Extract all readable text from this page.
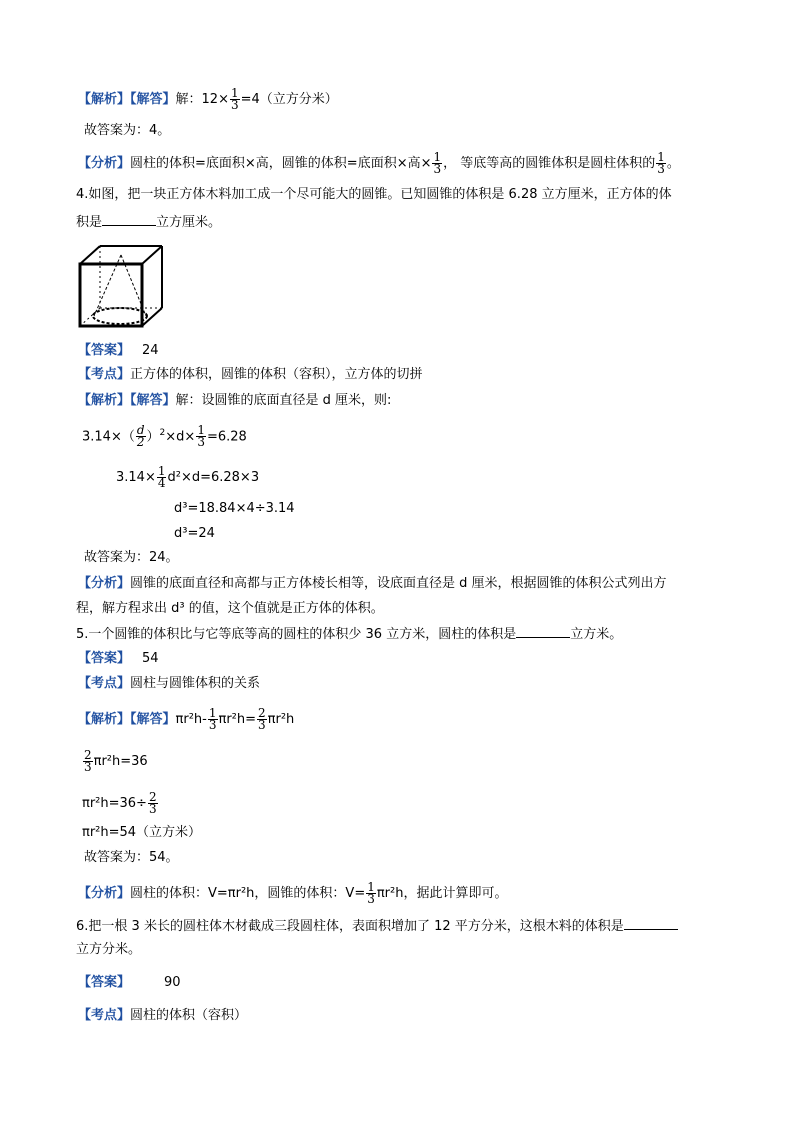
【解析】【解答】解：$12\times \frac{1}{3} =4$（立方分米）
故答案为：4。
【分析】圆柱的体积=底面积×高，圆锥的体积=底面积×高× $\frac{1}{3}$ ， 等底等高的圆锥体积是圆柱体积的 $\frac{1}{3}$ 。
4.如图，把一块正方体木料加工成一个尽可能大的圆锥。已知圆锥的体积是 6.28 立方厘米，正方体的体
积是	立方厘米。
【答案】 24
【考点】正方体的体积，圆锥的体积（容积），立方体的切拼
【解析】【解答】解：设圆锥的底面直径是 d 厘米，则:
$3.14\times( \frac{d}{2} )^2\times d\times \frac{1}{3} =6.28$
$3.14\times \frac{1}{4} d^2\times d=6.28\times 3$
d³=18.84×4÷3.14
d³=24
故答案为：24。
【分析】圆锥的底面直径和高都与正方体棱长相等，设底面直径是 d 厘米，根据圆锥的体积公式列出方
程，解方程求出 d³ 的值，这个值就是正方体的体积。
5.一个圆锥的体积比与它等底等高的圆柱的体积少 36 立方米，圆柱的体积是	立方米。
【答案】 54
【考点】圆柱与圆锥体积的关系
【解析】【解答】$\pi r^2h- \frac{1}{3} \pi r^2h= \frac{2}{3} \pi r^2h$
$\frac{2}{3} \pi r^2h=36$
$\pi r^2h=36\div \frac{2}{3}$
πr²h=54（立方米）
故答案为：54。
【分析】圆柱的体积：V=πr²h，圆锥的体积：$V= \frac{1}{3} \pi r^2h$，据此计算即可。
6.把一根 3 米长的圆柱体木材截成三段圆柱体，表面积增加了 12 平方分米，这根木料的体积是
立方分米。
【答案】	90
【考点】圆柱的体积（容积）
